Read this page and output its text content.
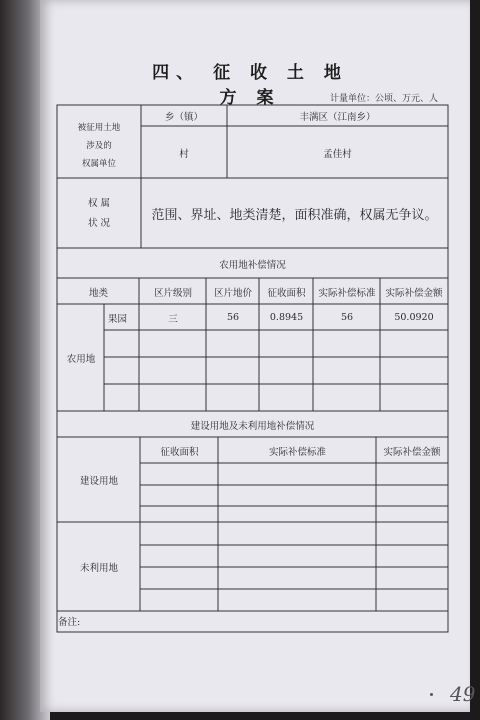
四、 征 收 土 地 方 案	计量单位：公顷、万元、人
被征用土地
涉及的
权属单位
乡（镇）	丰满区（江南乡）
村	孟佳村
权 属
状 况	范围、界址、地类清楚，面积准确，权属无争议。
农用地补偿情况
地类	区片级别	区片地价	征收面积	实际补偿标准	实际补偿金额
农用地
果园	三	56	0.8945	56	50.0920
建设用地及未利用地补偿情况
征收面积	实际补偿标准	实际补偿金额
建设用地
未利用地
备注:
49
